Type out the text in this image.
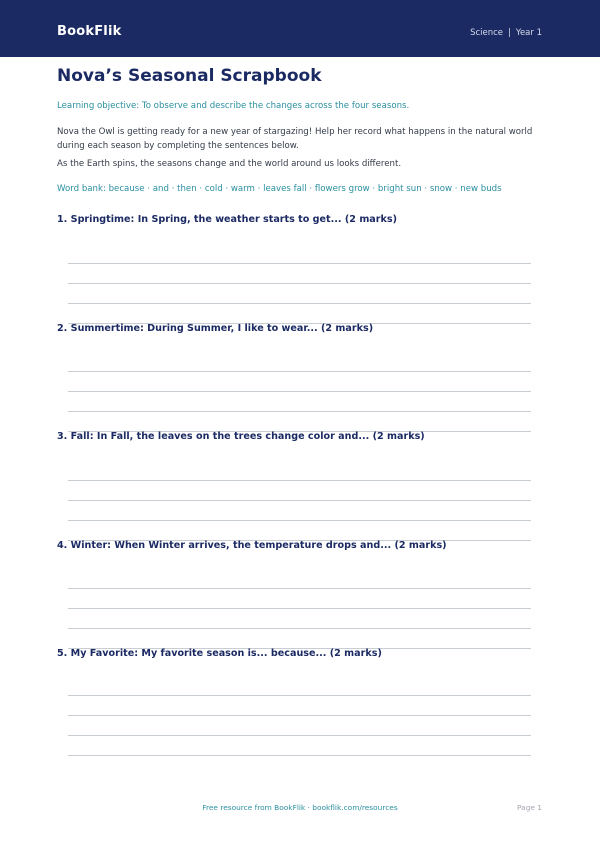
BookFlik	Science | Year 1
Nova’s Seasonal Scrapbook
Learning objective: To observe and describe the changes across the four seasons.
Nova the Owl is getting ready for a new year of stargazing! Help her record what happens in the natural world during each season by completing the sentences below.
As the Earth spins, the seasons change and the world around us looks different.
Word bank: because · and · then · cold · warm · leaves fall · flowers grow · bright sun · snow · new buds
1. Springtime: In Spring, the weather starts to get... (2 marks)
2. Summertime: During Summer, I like to wear... (2 marks)
3. Fall: In Fall, the leaves on the trees change color and... (2 marks)
4. Winter: When Winter arrives, the temperature drops and... (2 marks)
5. My Favorite: My favorite season is... because... (2 marks)
Free resource from BookFlik · bookflik.com/resources	Page 1
